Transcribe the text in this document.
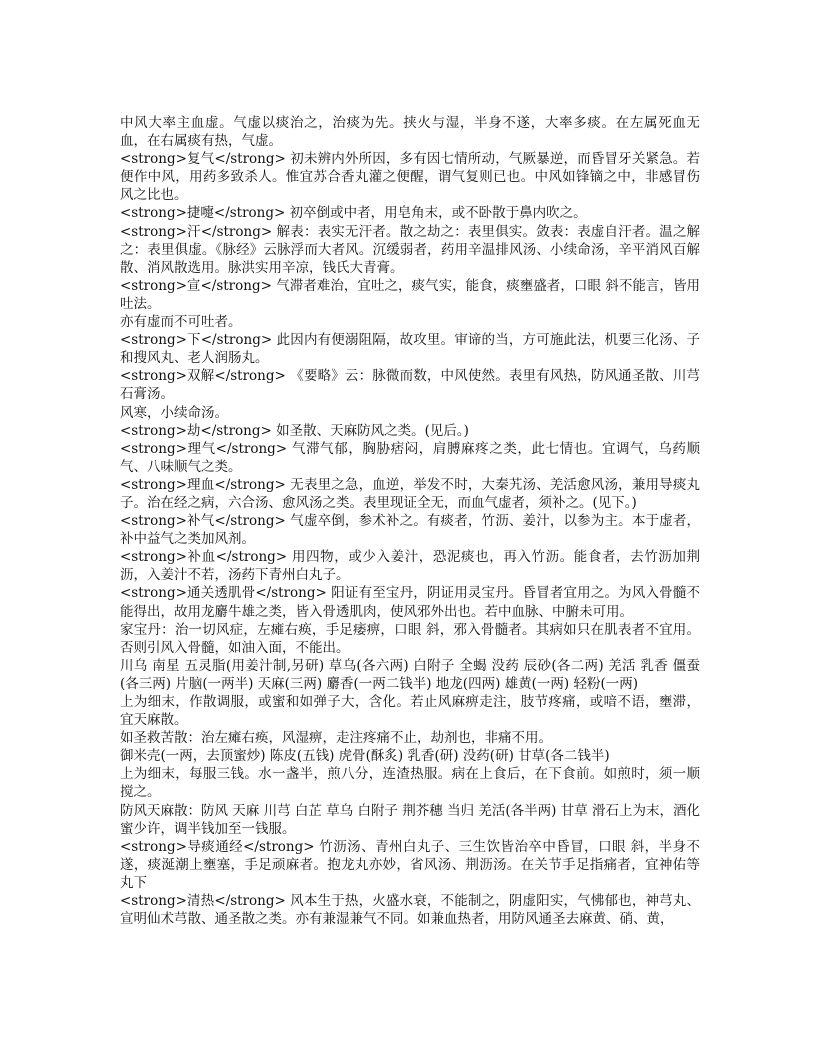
中风大率主血虚。气虚以痰治之，治痰为先。挟火与湿，半身不遂，大率多痰。在左属死血无血，在右属痰有热，气虚。

<strong>复气</strong> 初未辨内外所因，多有因七情所动，气厥暴逆，而昏冒牙关紧急。若便作中风，用药多致杀人。惟宜苏合香丸灌之便醒，谓气复则已也。中风如锋镝之中，非感冒伤风之比也。

<strong>捷嚏</strong> 初卒倒或中者，用皂角末，或不卧散于鼻内吹之。

<strong>汗</strong> 解表：表实无汗者。散之劫之：表里俱实。敛表：表虚自汗者。温之解之：表里俱虚。《脉经》云脉浮而大者风。沉缓弱者，药用辛温排风汤、小续命汤，辛平消风百解散、消风散选用。脉洪实用辛凉，钱氏大青膏。

<strong>宣</strong> 气滞者难治，宜吐之，痰气实，能食，痰壅盛者，口眼 斜不能言，皆用吐法。

亦有虚而不可吐者。

<strong>下</strong> 此因内有便溺阻隔，故攻里。审谛的当，方可施此法，机要三化汤、子和搜风丸、老人润肠丸。

<strong>双解</strong> 《要略》云：脉微而数，中风使然。表里有风热，防风通圣散、川芎石膏汤。

风寒，小续命汤。

<strong>劫</strong> 如圣散、天麻防风之类。(见后。)

<strong>理气</strong> 气滞气郁，胸胁痞闷，肩膊麻疼之类，此七情也。宜调气，乌药顺气、八味顺气之类。

<strong>理血</strong> 无表里之急，血逆，举发不时，大秦艽汤、羌活愈风汤，兼用导痰丸子。治在经之病，六合汤、愈风汤之类。表里现证全无，而血气虚者，须补之。(见下。)

<strong>补气</strong> 气虚卒倒，参术补之。有痰者，竹沥、姜汁，以参为主。本于虚者，补中益气之类加风剂。

<strong>补血</strong> 用四物，或少入姜汁，恐泥痰也，再入竹沥。能食者，去竹沥加荆沥，入姜汁不若，汤药下青州白丸子。

<strong>通关透肌骨</strong> 阳证有至宝丹，阴证用灵宝丹。昏冒者宜用之。为风入骨髓不能得出，故用龙麝牛雄之类，皆入骨透肌肉，使风邪外出也。若中血脉、中腑未可用。

家宝丹：治一切风症，左瘫右痪，手足痿痹，口眼 斜，邪入骨髓者。其病如只在肌表者不宜用。否则引风入骨髓，如油入面，不能出。

川乌 南星 五灵脂(用姜汁制,另研) 草乌(各六两) 白附子 全蝎 没药 辰砂(各二两) 羌活 乳香 僵蚕(各三两) 片脑(一两半) 天麻(三两) 麝香(一两二钱半) 地龙(四两) 雄黄(一两) 轻粉(一两)

上为细末，作散调服，或蜜和如弹子大，含化。若止风麻痹走注，肢节疼痛，或喑不语，壅滞，宜天麻散。

如圣救苦散：治左瘫右痪，风湿痹，走注疼痛不止，劫剂也，非痛不用。

御米壳(一两，去顶蜜炒) 陈皮(五钱) 虎骨(酥炙) 乳香(研) 没药(研) 甘草(各二钱半)

上为细末，每服三钱。水一盏半，煎八分，连渣热服。病在上食后，在下食前。如煎时，须一顺搅之。

防风天麻散：防风 天麻 川芎 白芷 草乌 白附子 荆芥穗 当归 羌活(各半两) 甘草 滑石上为末，酒化蜜少许，调半钱加至一钱服。

<strong>导痰通经</strong> 竹沥汤、青州白丸子、三生饮皆治卒中昏冒，口眼 斜，半身不遂，痰涎潮上壅塞，手足顽麻者。抱龙丸亦妙，省风汤、荆沥汤。在关节手足指痛者，宜神佑等丸下

<strong>清热</strong> 风本生于热，火盛水衰，不能制之，阴虚阳实，气怫郁也，神芎丸、宣明仙术芎散、通圣散之类。亦有兼湿兼气不同。如兼血热者，用防风通圣去麻黄、硝、黄，
